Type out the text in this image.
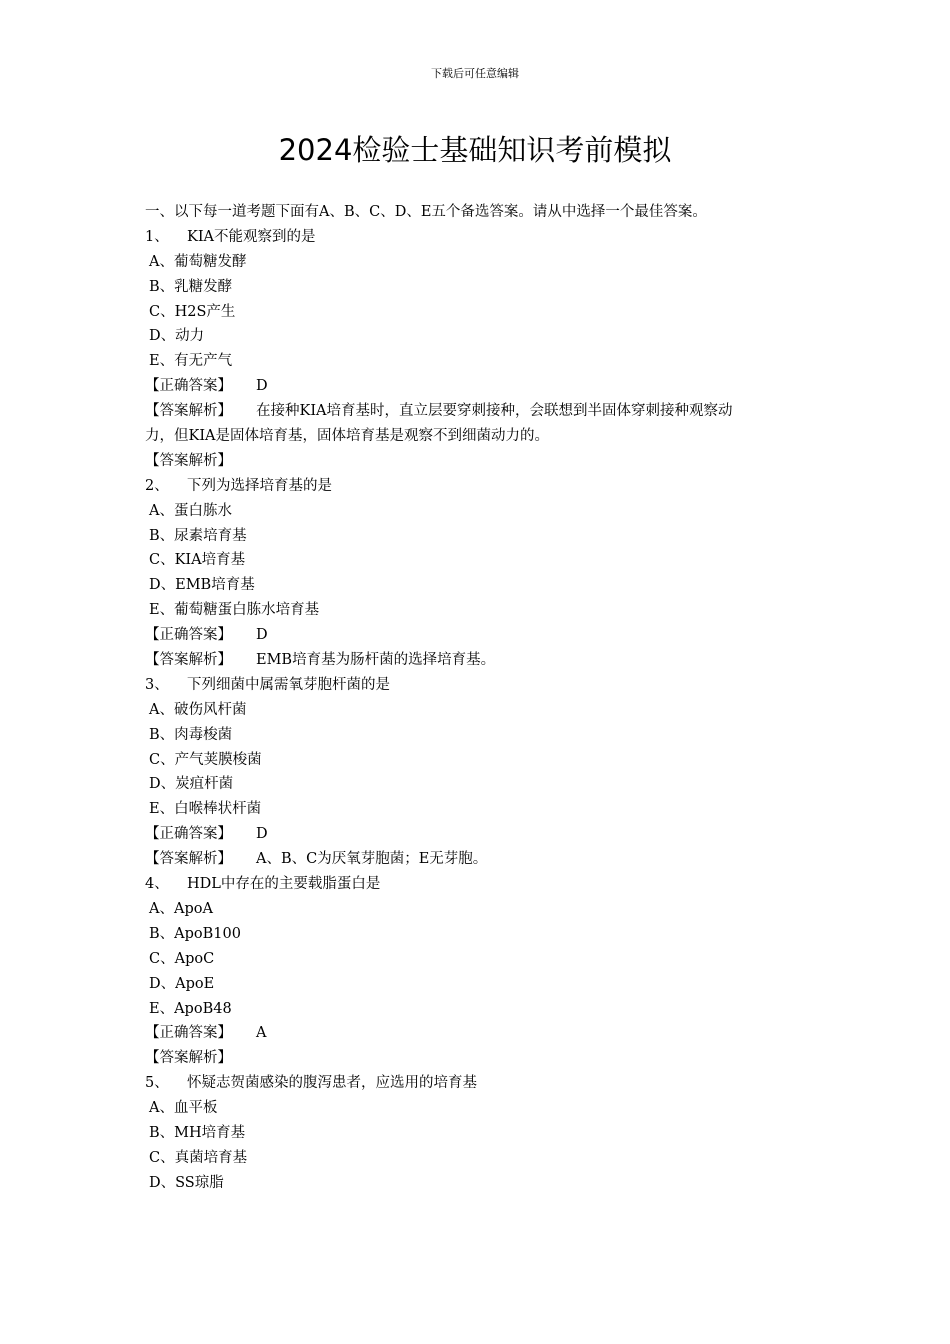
下载后可任意编辑
2024检验士基础知识考前模拟
一、以下每一道考题下面有A、B、C、D、E五个备选答案。请从中选择一个最佳答案。
1、 KIA不能观察到的是
A、葡萄糖发酵
B、乳糖发酵
C、H2S产生
D、动力
E、有无产气
【正确答案】 D
【答案解析】 在接种KIA培育基时，直立层要穿刺接种，会联想到半固体穿刺接种观察动
力，但KIA是固体培育基，固体培育基是观察不到细菌动力的。
【答案解析】
2、 下列为选择培育基的是
A、蛋白胨水
B、尿素培育基
C、KIA培育基
D、EMB培育基
E、葡萄糖蛋白胨水培育基
【正确答案】 D
【答案解析】 EMB培育基为肠杆菌的选择培育基。
3、 下列细菌中属需氧芽胞杆菌的是
A、破伤风杆菌
B、肉毒梭菌
C、产气荚膜梭菌
D、炭疽杆菌
E、白喉棒状杆菌
【正确答案】 D
【答案解析】 A、B、C为厌氧芽胞菌；E无芽胞。
4、 HDL中存在的主要载脂蛋白是
A、ApoA
B、ApoB100
C、ApoC
D、ApoE
E、ApoB48
【正确答案】 A
【答案解析】
5、 怀疑志贺菌感染的腹泻患者，应选用的培育基
A、血平板
B、MH培育基
C、真菌培育基
D、SS琼脂
